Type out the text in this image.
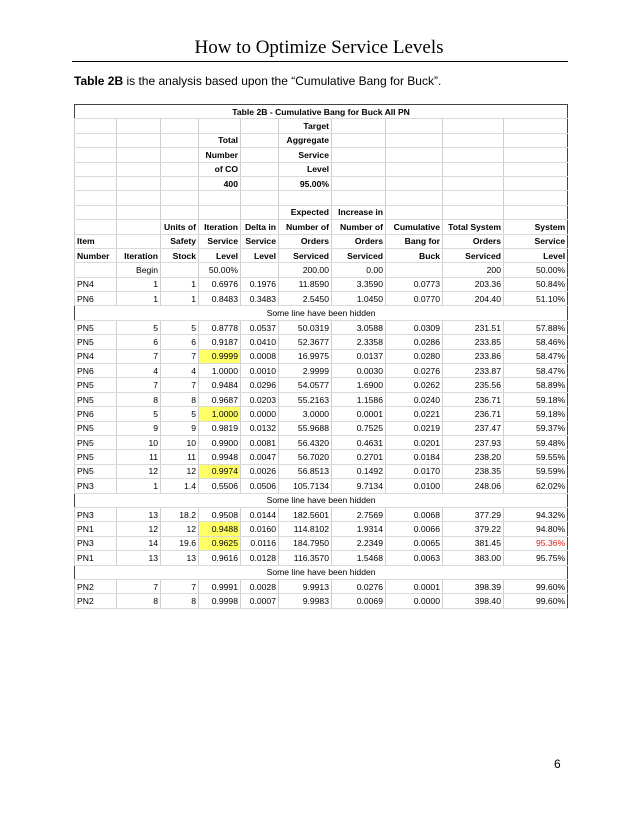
How to Optimize Service Levels
Table 2B is the analysis based upon the “Cumulative Bang for Buck”.
Table 2B - Cumulative Bang for Buck All PN									
					Target				
			Total		Aggregate				
			Number		Service				
			of CO		Level				
			400		95.00%				

					Expected	Increase in			
		Units of	Iteration	Delta in	Number of	Number of	Cumulative	Total System	System
Item		Safety	Service	Service	Orders	Orders	Bang for	Orders	Service
Number	Iteration	Stock	Level	Level	Serviced	Serviced	Buck	Serviced	Level
	Begin		50.00%		200.00	0.00		200	50.00%
PN4	1	1	0.6976	0.1976	11.8590	3.3590	0.0773	203.36	50.84%
PN6	1	1	0.8483	0.3483	2.5450	1.0450	0.0770	204.40	51.10%
Some line have been hidden									
PN5	5	5	0.8778	0.0537	50.0319	3.0588	0.0309	231.51	57.88%
PN5	6	6	0.9187	0.0410	52.3677	2.3358	0.0286	233.85	58.46%
PN4	7	7	0.9999	0.0008	16.9975	0.0137	0.0280	233.86	58.47%
PN6	4	4	1.0000	0.0010	2.9999	0.0030	0.0276	233.87	58.47%
PN5	7	7	0.9484	0.0296	54.0577	1.6900	0.0262	235.56	58.89%
PN5	8	8	0.9687	0.0203	55.2163	1.1586	0.0240	236.71	59.18%
PN6	5	5	1.0000	0.0000	3.0000	0.0001	0.0221	236.71	59.18%
PN5	9	9	0.9819	0.0132	55.9688	0.7525	0.0219	237.47	59.37%
PN5	10	10	0.9900	0.0081	56.4320	0.4631	0.0201	237.93	59.48%
PN5	11	11	0.9948	0.0047	56.7020	0.2701	0.0184	238.20	59.55%
PN5	12	12	0.9974	0.0026	56.8513	0.1492	0.0170	238.35	59.59%
PN3	1	1.4	0.5506	0.0506	105.7134	9.7134	0.0100	248.06	62.02%
Some line have been hidden									
PN3	13	18.2	0.9508	0.0144	182.5601	2.7569	0.0068	377.29	94.32%
PN1	12	12	0.9488	0.0160	114.8102	1.9314	0.0066	379.22	94.80%
PN3	14	19.6	0.9625	0.0116	184.7950	2.2349	0.0065	381.45	95.36%
PN1	13	13	0.9616	0.0128	116.3570	1.5468	0.0063	383.00	95.75%
Some line have been hidden									
PN2	7	7	0.9991	0.0028	9.9913	0.0276	0.0001	398.39	99.60%
PN2	8	8	0.9998	0.0007	9.9983	0.0069	0.0000	398.40	99.60%
6
